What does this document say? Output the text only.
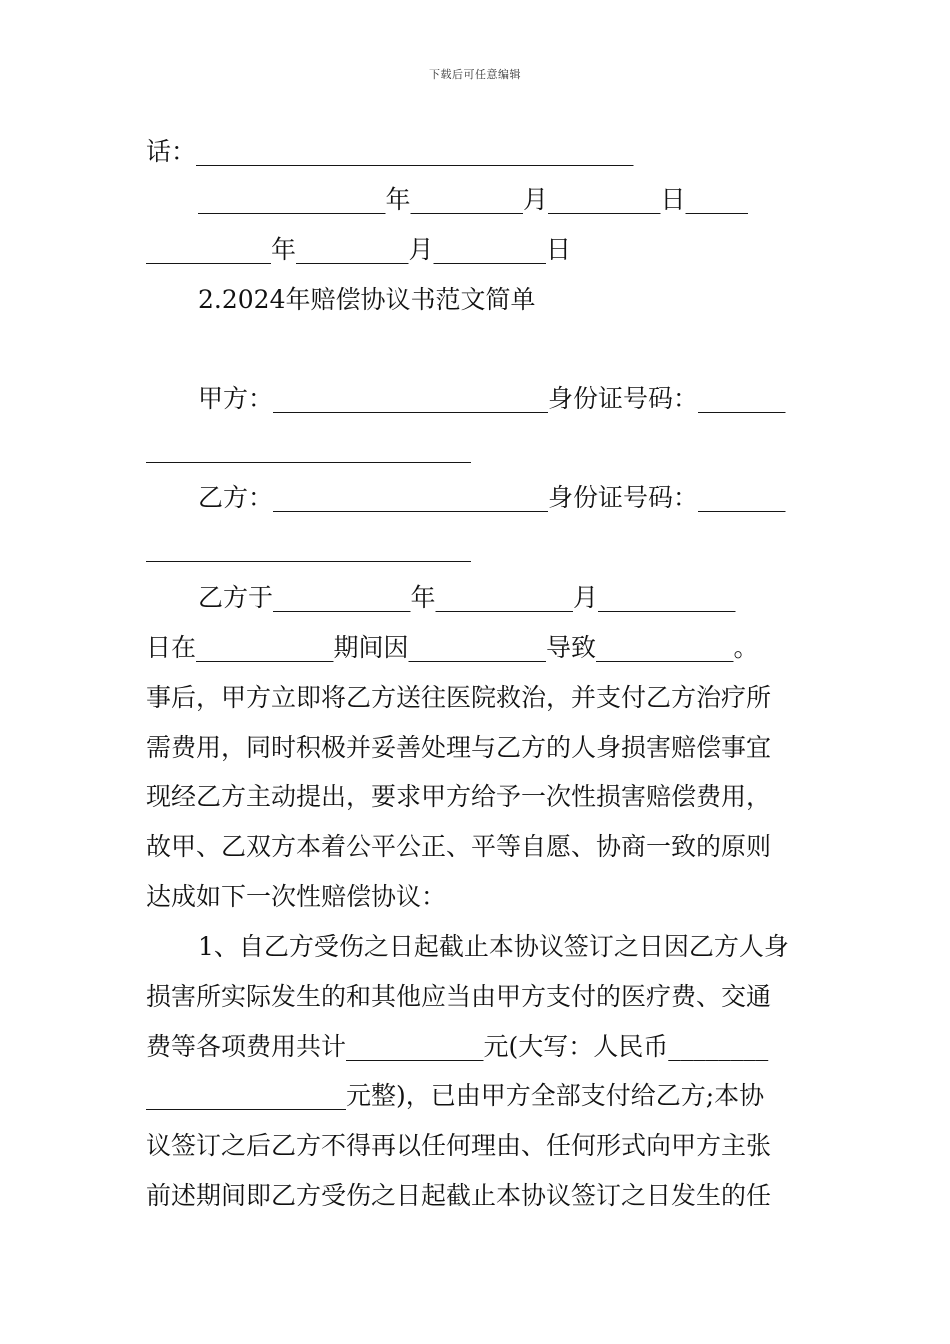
下载后可任意编辑
话：___________________________________
_______________年_________月_________日_____
__________年_________月_________日
2.2024年赔偿协议书范文简单
甲方：______________________身份证号码：_______
__________________________
乙方：______________________身份证号码：_______
__________________________
乙方于___________年___________月___________
日在___________期间因___________导致___________。
事后，甲方立即将乙方送往医院救治，并支付乙方治疗所
需费用，同时积极并妥善处理与乙方的人身损害赔偿事宜
现经乙方主动提出，要求甲方给予一次性损害赔偿费用，
故甲、乙双方本着公平公正、平等自愿、协商一致的原则
达成如下一次性赔偿协议：
1、自乙方受伤之日起截止本协议签订之日因乙方人身
损害所实际发生的和其他应当由甲方支付的医疗费、交通
费等各项费用共计___________元(大写：人民币________
________________元整)，已由甲方全部支付给乙方;本协
议签订之后乙方不得再以任何理由、任何形式向甲方主张
前述期间即乙方受伤之日起截止本协议签订之日发生的任
